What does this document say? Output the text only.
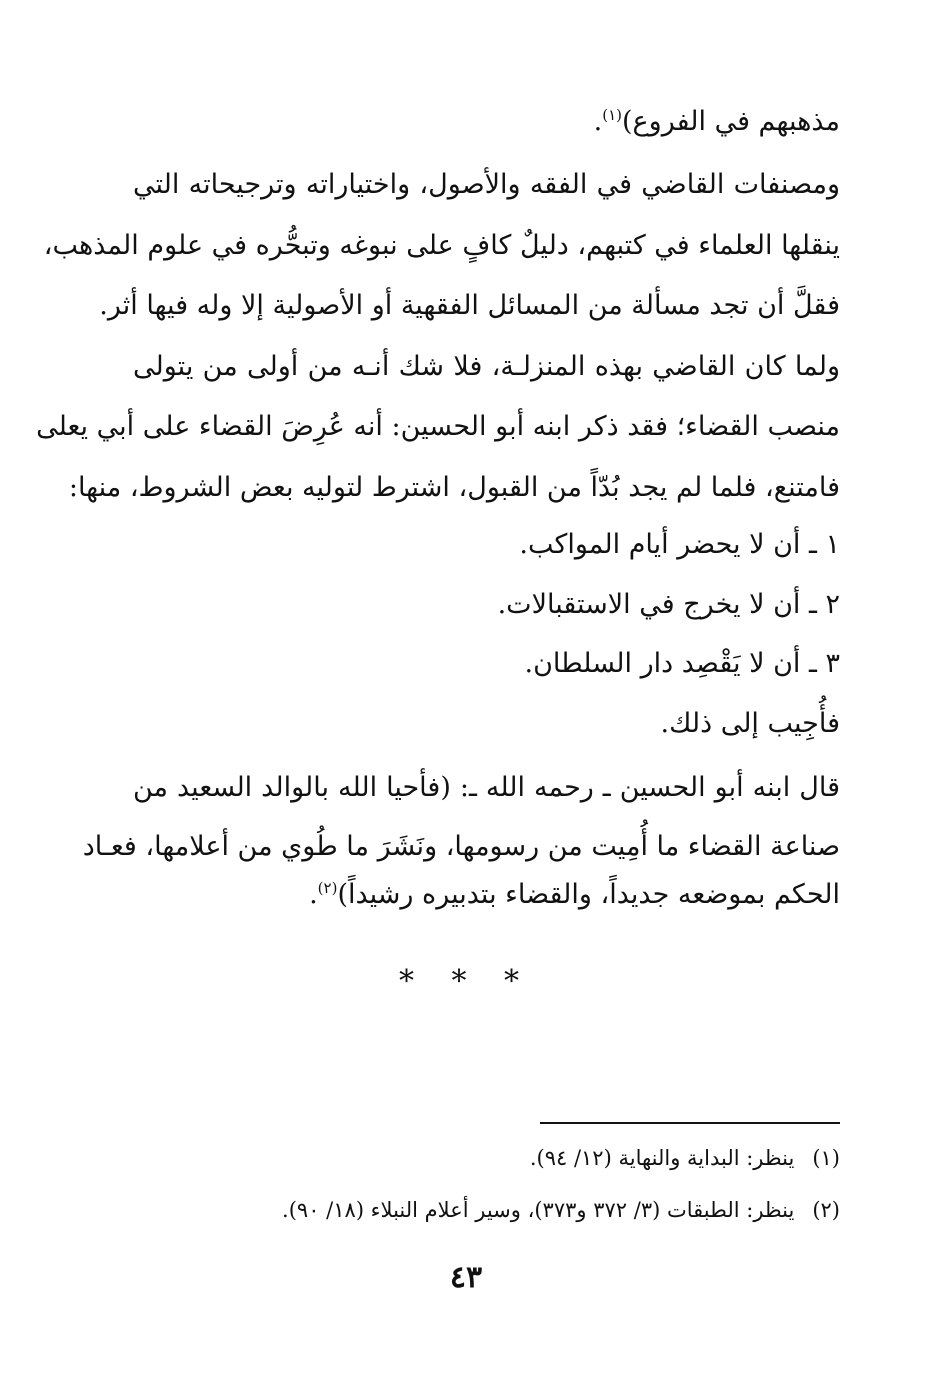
مذهبهم في الفروع)$^{(١)}$.
ومصنفات القاضي في الفقه والأصول، واختياراته وترجيحاته التي
ينقلها العلماء في كتبهم، دليلٌ كافٍ على نبوغه وتبحُّره في علوم المذهب،
فقلَّ أن تجد مسألة من المسائل الفقهية أو الأصولية إلا وله فيها أثر.
ولما كان القاضي بهذه المنزلـة، فلا شك أنـه من أولى من يتولى
منصب القضاء؛ فقد ذكر ابنه أبو الحسين: أنه عُرِضَ القضاء على أبي يعلى
فامتنع، فلما لم يجد بُدّاً من القبول، اشترط لتوليه بعض الشروط، منها:
١ ـ أن لا يحضر أيام المواكب.
٢ ـ أن لا يخرج في الاستقبالات.
٣ ـ أن لا يَقْصِد دار السلطان.
فأُجِيب إلى ذلك.
قال ابنه أبو الحسين ـ رحمه الله ـ: (فأحيا الله بالوالد السعيد من
صناعة القضاء ما أُمِيت من رسومها، ونَشَرَ ما طُوي من أعلامها، فعـاد
الحكم بموضعه جديداً، والقضاء بتدبيره رشيداً)$^{(٢)}$.
* * *
(١)ينظر: البداية والنهاية (١٢/ ٩٤).
(٢)ينظر: الطبقات (٣/ ٣٧٢ و٣٧٣)، وسير أعلام النبلاء (١٨/ ٩٠).
٤٣
